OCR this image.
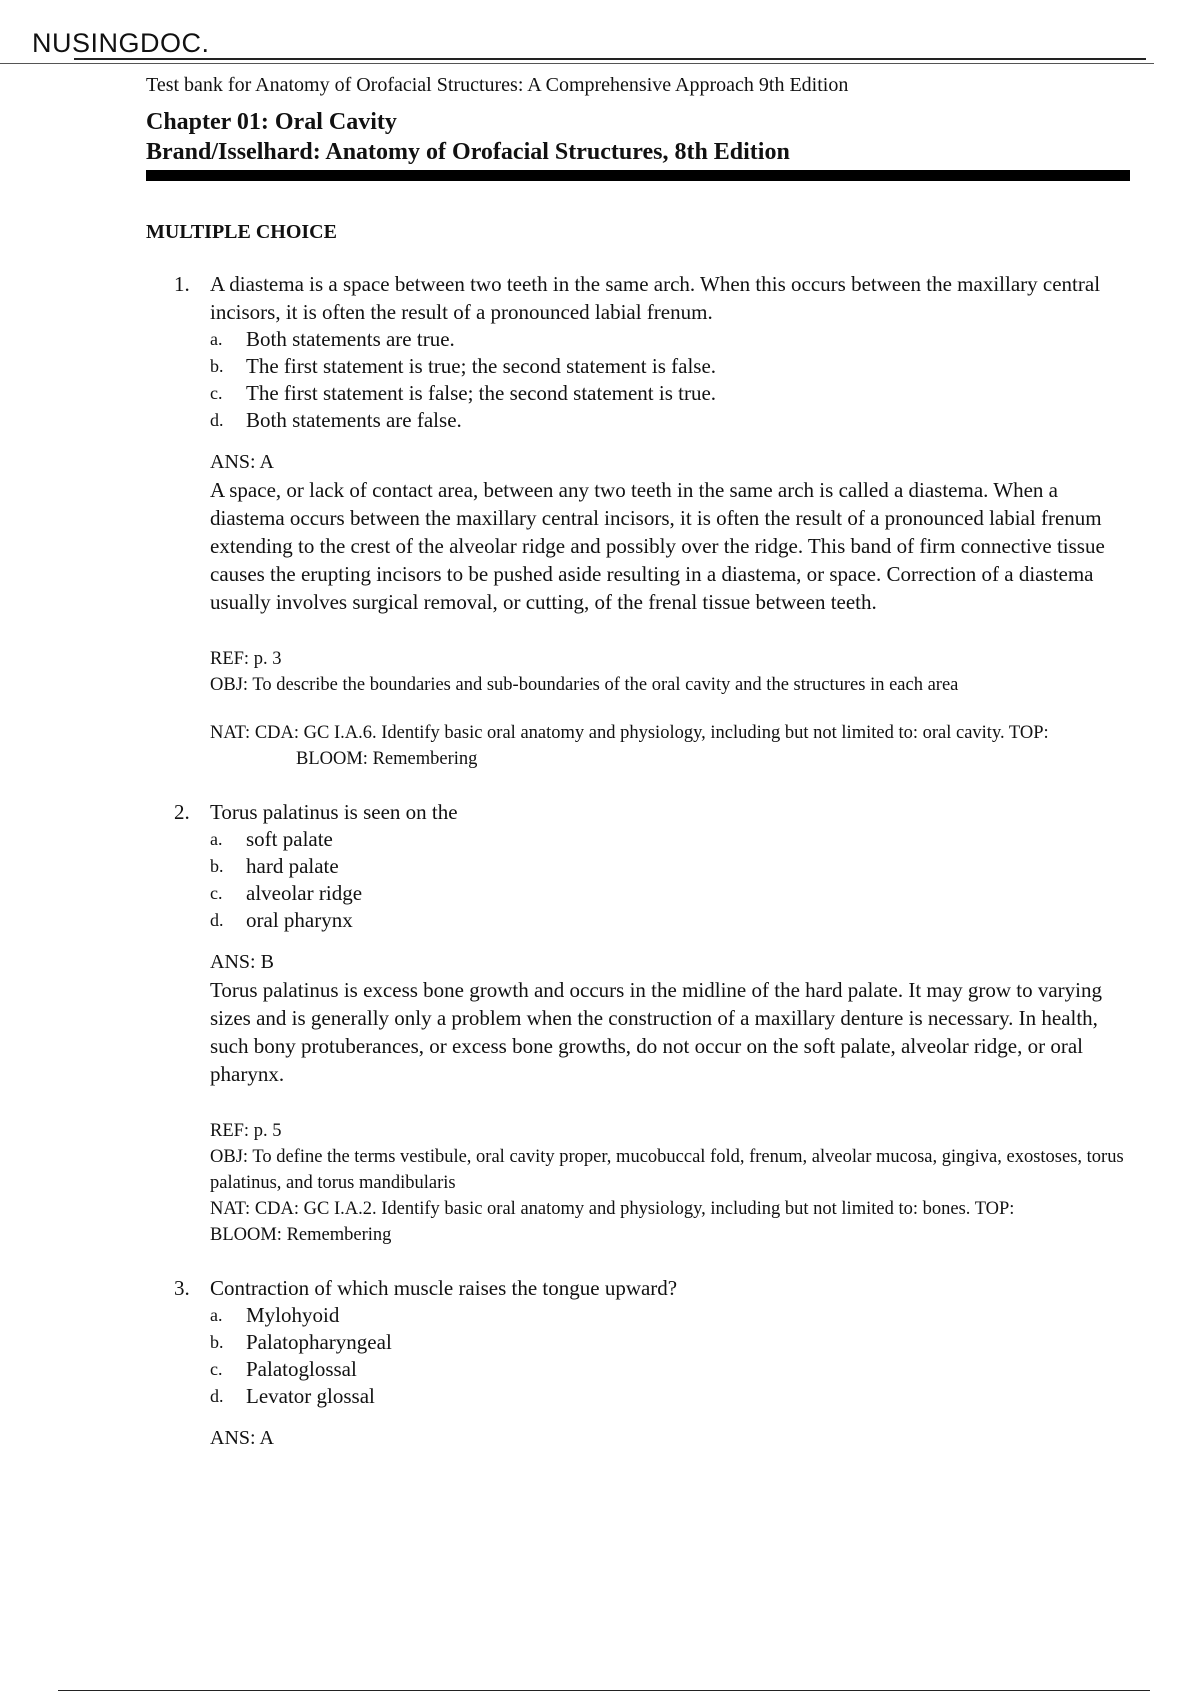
NUSINGDOC.
Test bank for Anatomy of Orofacial Structures: A Comprehensive Approach 9th Edition
Chapter 01: Oral Cavity
Brand/Isselhard: Anatomy of Orofacial Structures, 8th Edition
MULTIPLE CHOICE
1. A diastema is a space between two teeth in the same arch. When this occurs between the maxillary central incisors, it is often the result of a pronounced labial frenum.

a. Both statements are true.
b. The first statement is true; the second statement is false.
c. The first statement is false; the second statement is true.
d. Both statements are false.
ANS: A

A space, or lack of contact area, between any two teeth in the same arch is called a diastema. When a diastema occurs between the maxillary central incisors, it is often the result of a pronounced labial frenum extending to the crest of the alveolar ridge and possibly over the ridge. This band of firm connective tissue causes the erupting incisors to be pushed aside resulting in a diastema, or space. Correction of a diastema usually involves surgical removal, or cutting, of the frenal tissue between teeth.

REF: p. 3
OBJ: To describe the boundaries and sub-boundaries of the oral cavity and the structures in each area
NAT: CDA: GC I.A.6. Identify basic oral anatomy and physiology, including but not limited to: oral cavity. TOP:BLOOM: Remembering
2. Torus palatinus is seen on the

a. soft palate
b. hard palate
c. alveolar ridge
d. oral pharynx
ANS: B

Torus palatinus is excess bone growth and occurs in the midline of the hard palate. It may grow to varying sizes and is generally only a problem when the construction of a maxillary denture is necessary. In health, such bony protuberances, or excess bone growths, do not occur on the soft palate, alveolar ridge, or oral pharynx.

REF: p. 5
OBJ: To define the terms vestibule, oral cavity proper, mucobuccal fold, frenum, alveolar mucosa, gingiva, exostoses, torus palatinus, and torus mandibularis
NAT: CDA: GC I.A.2. Identify basic oral anatomy and physiology, including but not limited to: bones. TOP:BLOOM: Remembering
3. Contraction of which muscle raises the tongue upward?

a. Mylohyoid
b. Palatopharyngeal
c. Palatoglossal
d. Levator glossal
ANS: A
